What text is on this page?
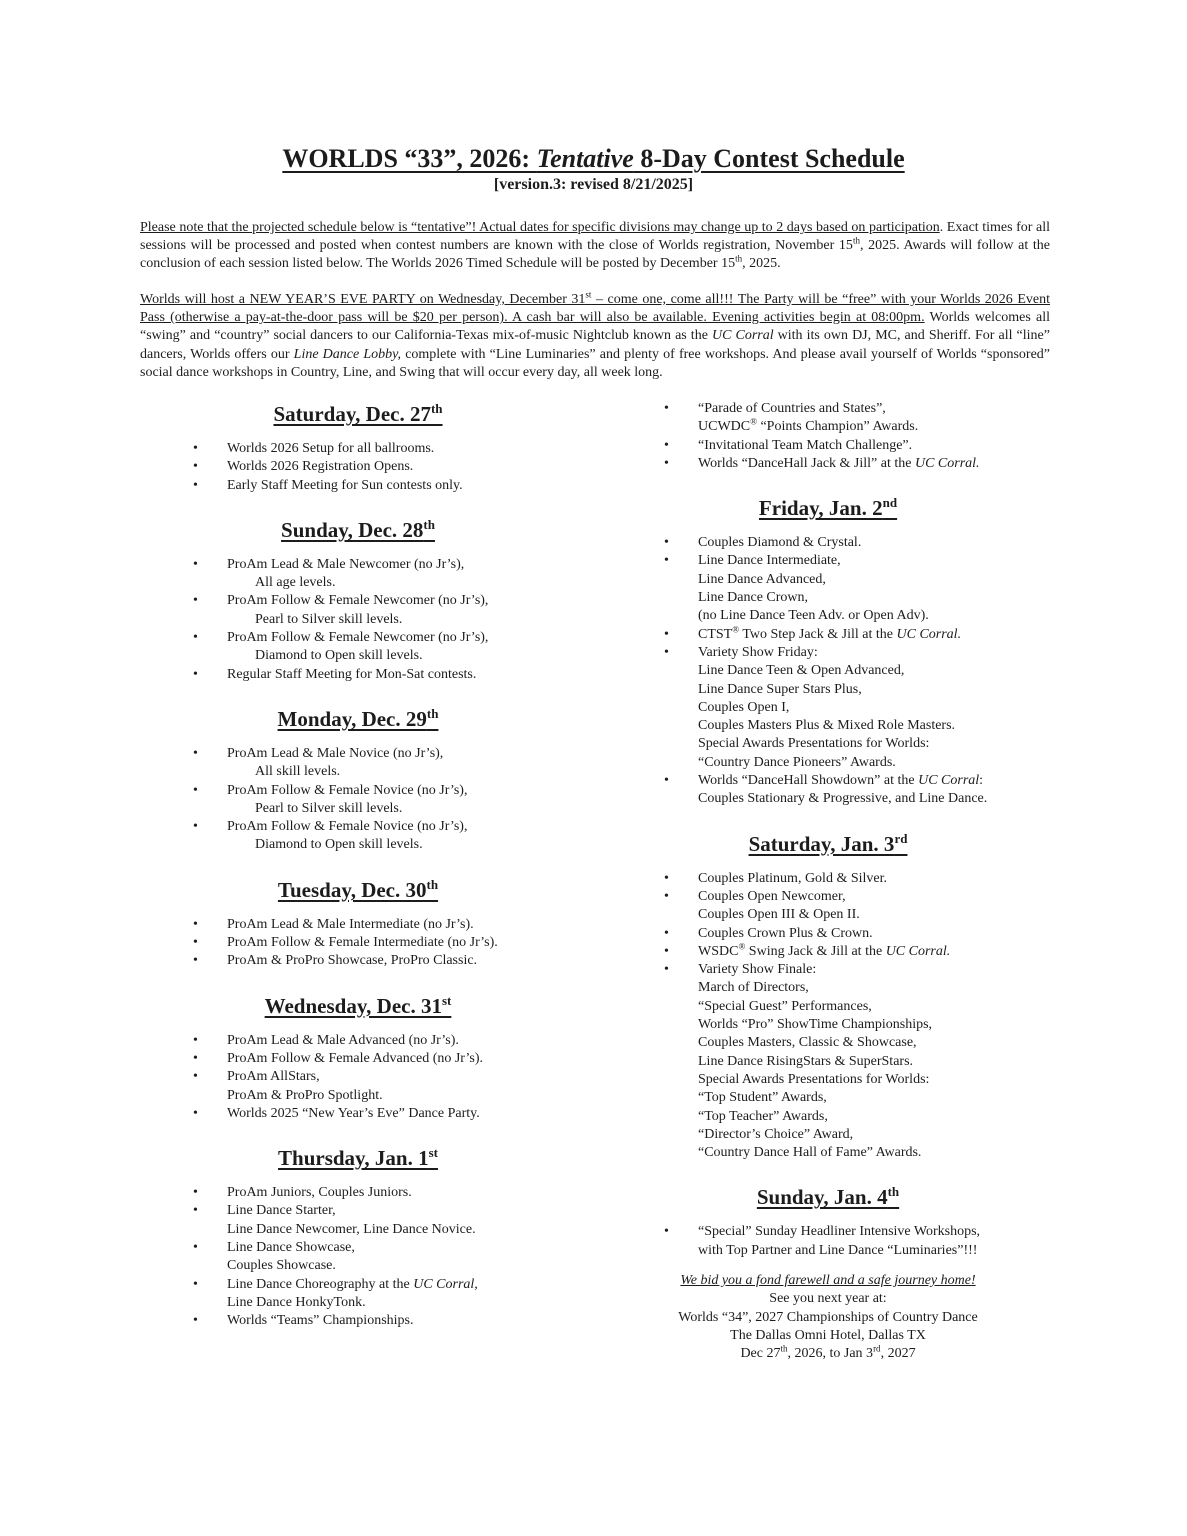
WORLDS “33”, 2026: Tentative 8-Day Contest Schedule
[version.3: revised 8/21/2025]

Please note that the projected schedule below is “tentative”! Actual dates for specific divisions may change up to 2 days based on participation. Exact times for all sessions will be processed and posted when contest numbers are known with the close of Worlds registration, November 15th, 2025. Awards will follow at the conclusion of each session listed below. The Worlds 2026 Timed Schedule will be posted by December 15th, 2025.

Worlds will host a NEW YEAR’S EVE PARTY on Wednesday, December 31st – come one, come all!!! The Party will be “free” with your Worlds 2026 Event Pass (otherwise a pay-at-the-door pass will be $20 per person). A cash bar will also be available. Evening activities begin at 08:00pm. Worlds welcomes all “swing” and “country” social dancers to our California-Texas mix-of-music Nightclub known as the UC Corral with its own DJ, MC, and Sheriff. For all “line” dancers, Worlds offers our Line Dance Lobby, complete with “Line Luminaries” and plenty of free workshops. And please avail yourself of Worlds “sponsored” social dance workshops in Country, Line, and Swing that will occur every day, all week long.

Saturday, Dec. 27th
• Worlds 2026 Setup for all ballrooms.
• Worlds 2026 Registration Opens.
• Early Staff Meeting for Sun contests only.
Sunday, Dec. 28th
• ProAm Lead & Male Newcomer (no Jr’s),
All age levels.
• ProAm Follow & Female Newcomer (no Jr’s),
Pearl to Silver skill levels.
• ProAm Follow & Female Newcomer (no Jr’s),
Diamond to Open skill levels.
• Regular Staff Meeting for Mon-Sat contests.
Monday, Dec. 29th
• ProAm Lead & Male Novice (no Jr’s),
All skill levels.
• ProAm Follow & Female Novice (no Jr’s),
Pearl to Silver skill levels.
• ProAm Follow & Female Novice (no Jr’s),
Diamond to Open skill levels.
Tuesday, Dec. 30th
• ProAm Lead & Male Intermediate (no Jr’s).
• ProAm Follow & Female Intermediate (no Jr’s).
• ProAm & ProPro Showcase, ProPro Classic.
Wednesday, Dec. 31st
• ProAm Lead & Male Advanced (no Jr’s).
• ProAm Follow & Female Advanced (no Jr’s).
• ProAm AllStars,
ProAm & ProPro Spotlight.
• Worlds 2025 “New Year’s Eve” Dance Party.
Thursday, Jan. 1st
• ProAm Juniors, Couples Juniors.
• Line Dance Starter,
Line Dance Newcomer, Line Dance Novice.
• Line Dance Showcase,
Couples Showcase.
• Line Dance Choreography at the UC Corral,
Line Dance HonkyTonk.
• Worlds “Teams” Championships.
• “Parade of Countries and States”,
UCWDC® “Points Champion” Awards.
• “Invitational Team Match Challenge”.
• Worlds “DanceHall Jack & Jill” at the UC Corral.
Friday, Jan. 2nd
• Couples Diamond & Crystal.
• Line Dance Intermediate,
Line Dance Advanced,
Line Dance Crown,
(no Line Dance Teen Adv. or Open Adv).
• CTST® Two Step Jack & Jill at the UC Corral.
• Variety Show Friday:
Line Dance Teen & Open Advanced,
Line Dance Super Stars Plus,
Couples Open I,
Couples Masters Plus & Mixed Role Masters.
Special Awards Presentations for Worlds:
“Country Dance Pioneers” Awards.
• Worlds “DanceHall Showdown” at the UC Corral:
Couples Stationary & Progressive, and Line Dance.
Saturday, Jan. 3rd
• Couples Platinum, Gold & Silver.
• Couples Open Newcomer,
Couples Open III & Open II.
• Couples Crown Plus & Crown.
• WSDC® Swing Jack & Jill at the UC Corral.
• Variety Show Finale:
March of Directors,
“Special Guest” Performances,
Worlds “Pro” ShowTime Championships,
Couples Masters, Classic & Showcase,
Line Dance RisingStars & SuperStars.
Special Awards Presentations for Worlds:
“Top Student” Awards,
“Top Teacher” Awards,
“Director’s Choice” Award,
“Country Dance Hall of Fame” Awards.
Sunday, Jan. 4th
• “Special” Sunday Headliner Intensive Workshops,
with Top Partner and Line Dance “Luminaries”!!!
We bid you a fond farewell and a safe journey home!
See you next year at:
Worlds “34”, 2027 Championships of Country Dance
The Dallas Omni Hotel, Dallas TX
Dec 27th, 2026, to Jan 3rd, 2027
